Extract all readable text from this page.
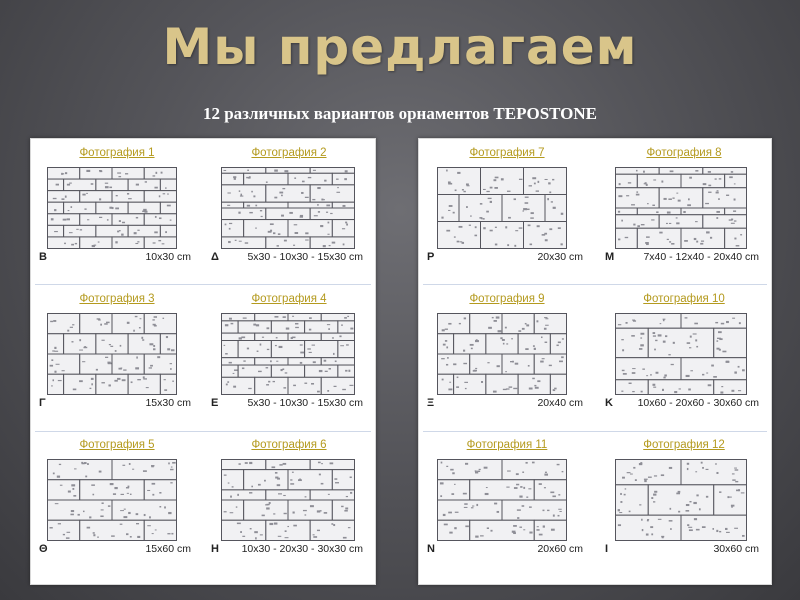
Мы предлагаем
12 различных вариантов орнаментов TEPOSTONE
Фотография 1
B	10x30 cm
Фотография 2
Δ	5x30 - 10x30 - 15x30 cm
Фотография 3
Γ	15x30 cm
Фотография 4
E	5x30 - 10x30 - 15x30 cm
Фотография 5
Θ	15x60 cm
Фотография 6
H 10x30 - 20x30 - 30x30 cm
Фотография 7
P	20x30 cm
Фотография 8
M	7x40 - 12x40 - 20x40 cm
Фотография 9
Ξ	20x40 cm
Фотография 10
K 10x60 - 20x60 - 30x60 cm
Фотография 11
N	20x60 cm
Фотография 12
I	30x60 cm
